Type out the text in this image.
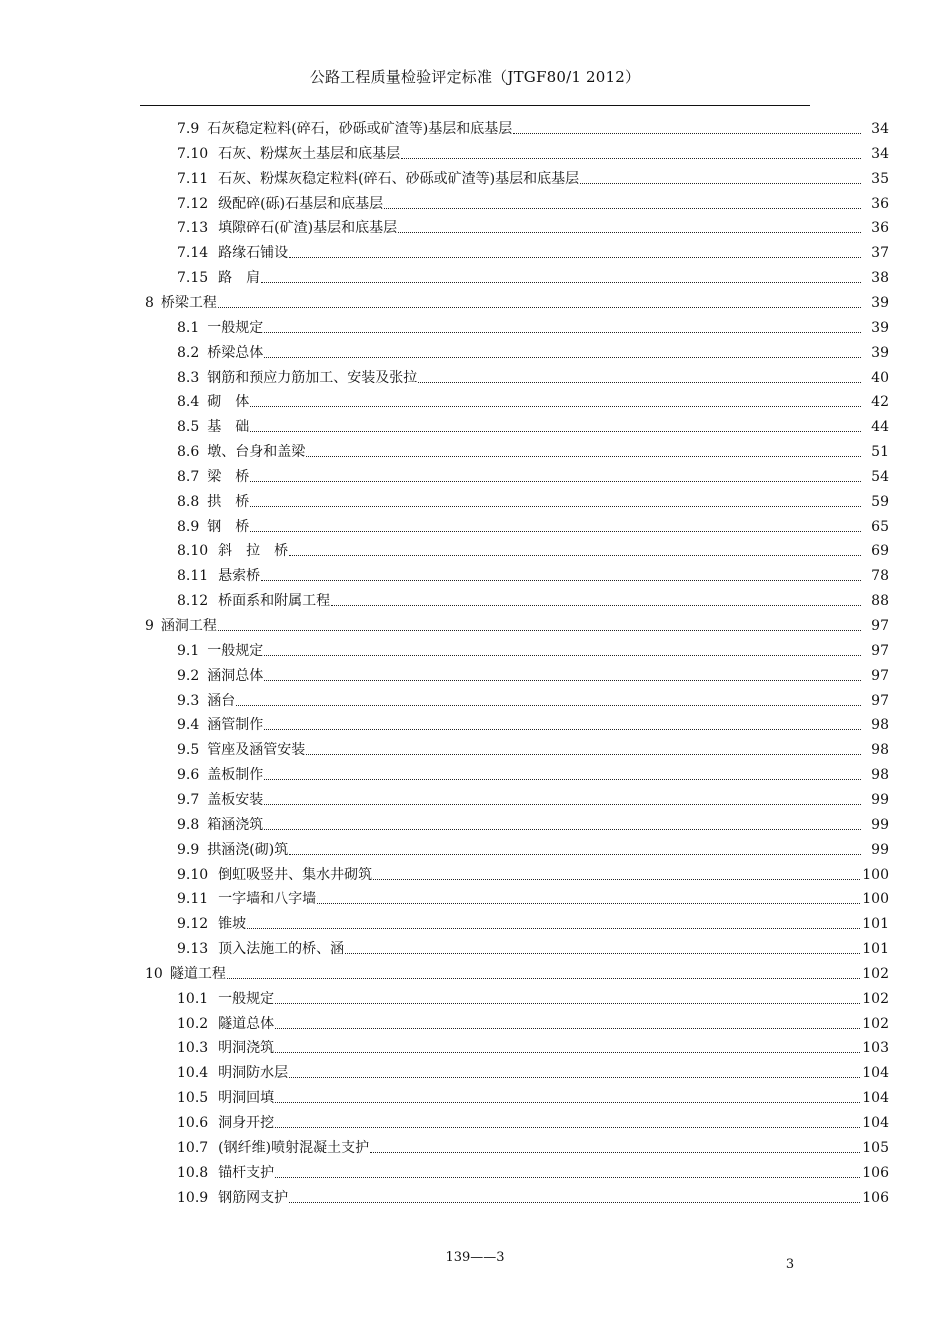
公路工程质量检验评定标准（JTGF80/1 2012）
7.9 石灰稳定粒料(碎石，砂砾或矿渣等)基层和底基层	34
7.10 石灰、粉煤灰土基层和底基层	34
7.11 石灰、粉煤灰稳定粒料(碎石、砂砾或矿渣等)基层和底基层	35
7.12 级配碎(砾)石基层和底基层	36
7.13 填隙碎石(矿渣)基层和底基层	36
7.14 路缘石铺设	37
7.15 路　肩	38
8 桥梁工程	39
8.1 一般规定	39
8.2 桥梁总体	39
8.3 钢筋和预应力筋加工、安装及张拉	40
8.4 砌　体	42
8.5 基　础	44
8.6 墩、台身和盖梁	51
8.7 梁　桥	54
8.8 拱　桥	59
8.9 钢　桥	65
8.10 斜　拉　桥	69
8.11 悬索桥	78
8.12 桥面系和附属工程	88
9 涵洞工程	97
9.1 一般规定	97
9.2 涵洞总体	97
9.3 涵台	97
9.4 涵管制作	98
9.5 管座及涵管安装	98
9.6 盖板制作	98
9.7 盖板安装	99
9.8 箱涵浇筑	99
9.9 拱涵浇(砌)筑	99
9.10 倒虹吸竖井、集水井砌筑	100
9.11 一字墙和八字墙	100
9.12 锥坡	101
9.13 顶入法施工的桥、涵	101
10 隧道工程	102
10.1 一般规定	102
10.2 隧道总体	102
10.3 明洞浇筑	103
10.4 明洞防水层	104
10.5 明洞回填	104
10.6 洞身开挖	104
10.7 (钢纤维)喷射混凝土支护	105
10.8 锚杆支护	106
10.9 钢筋网支护	106
139——3	3
